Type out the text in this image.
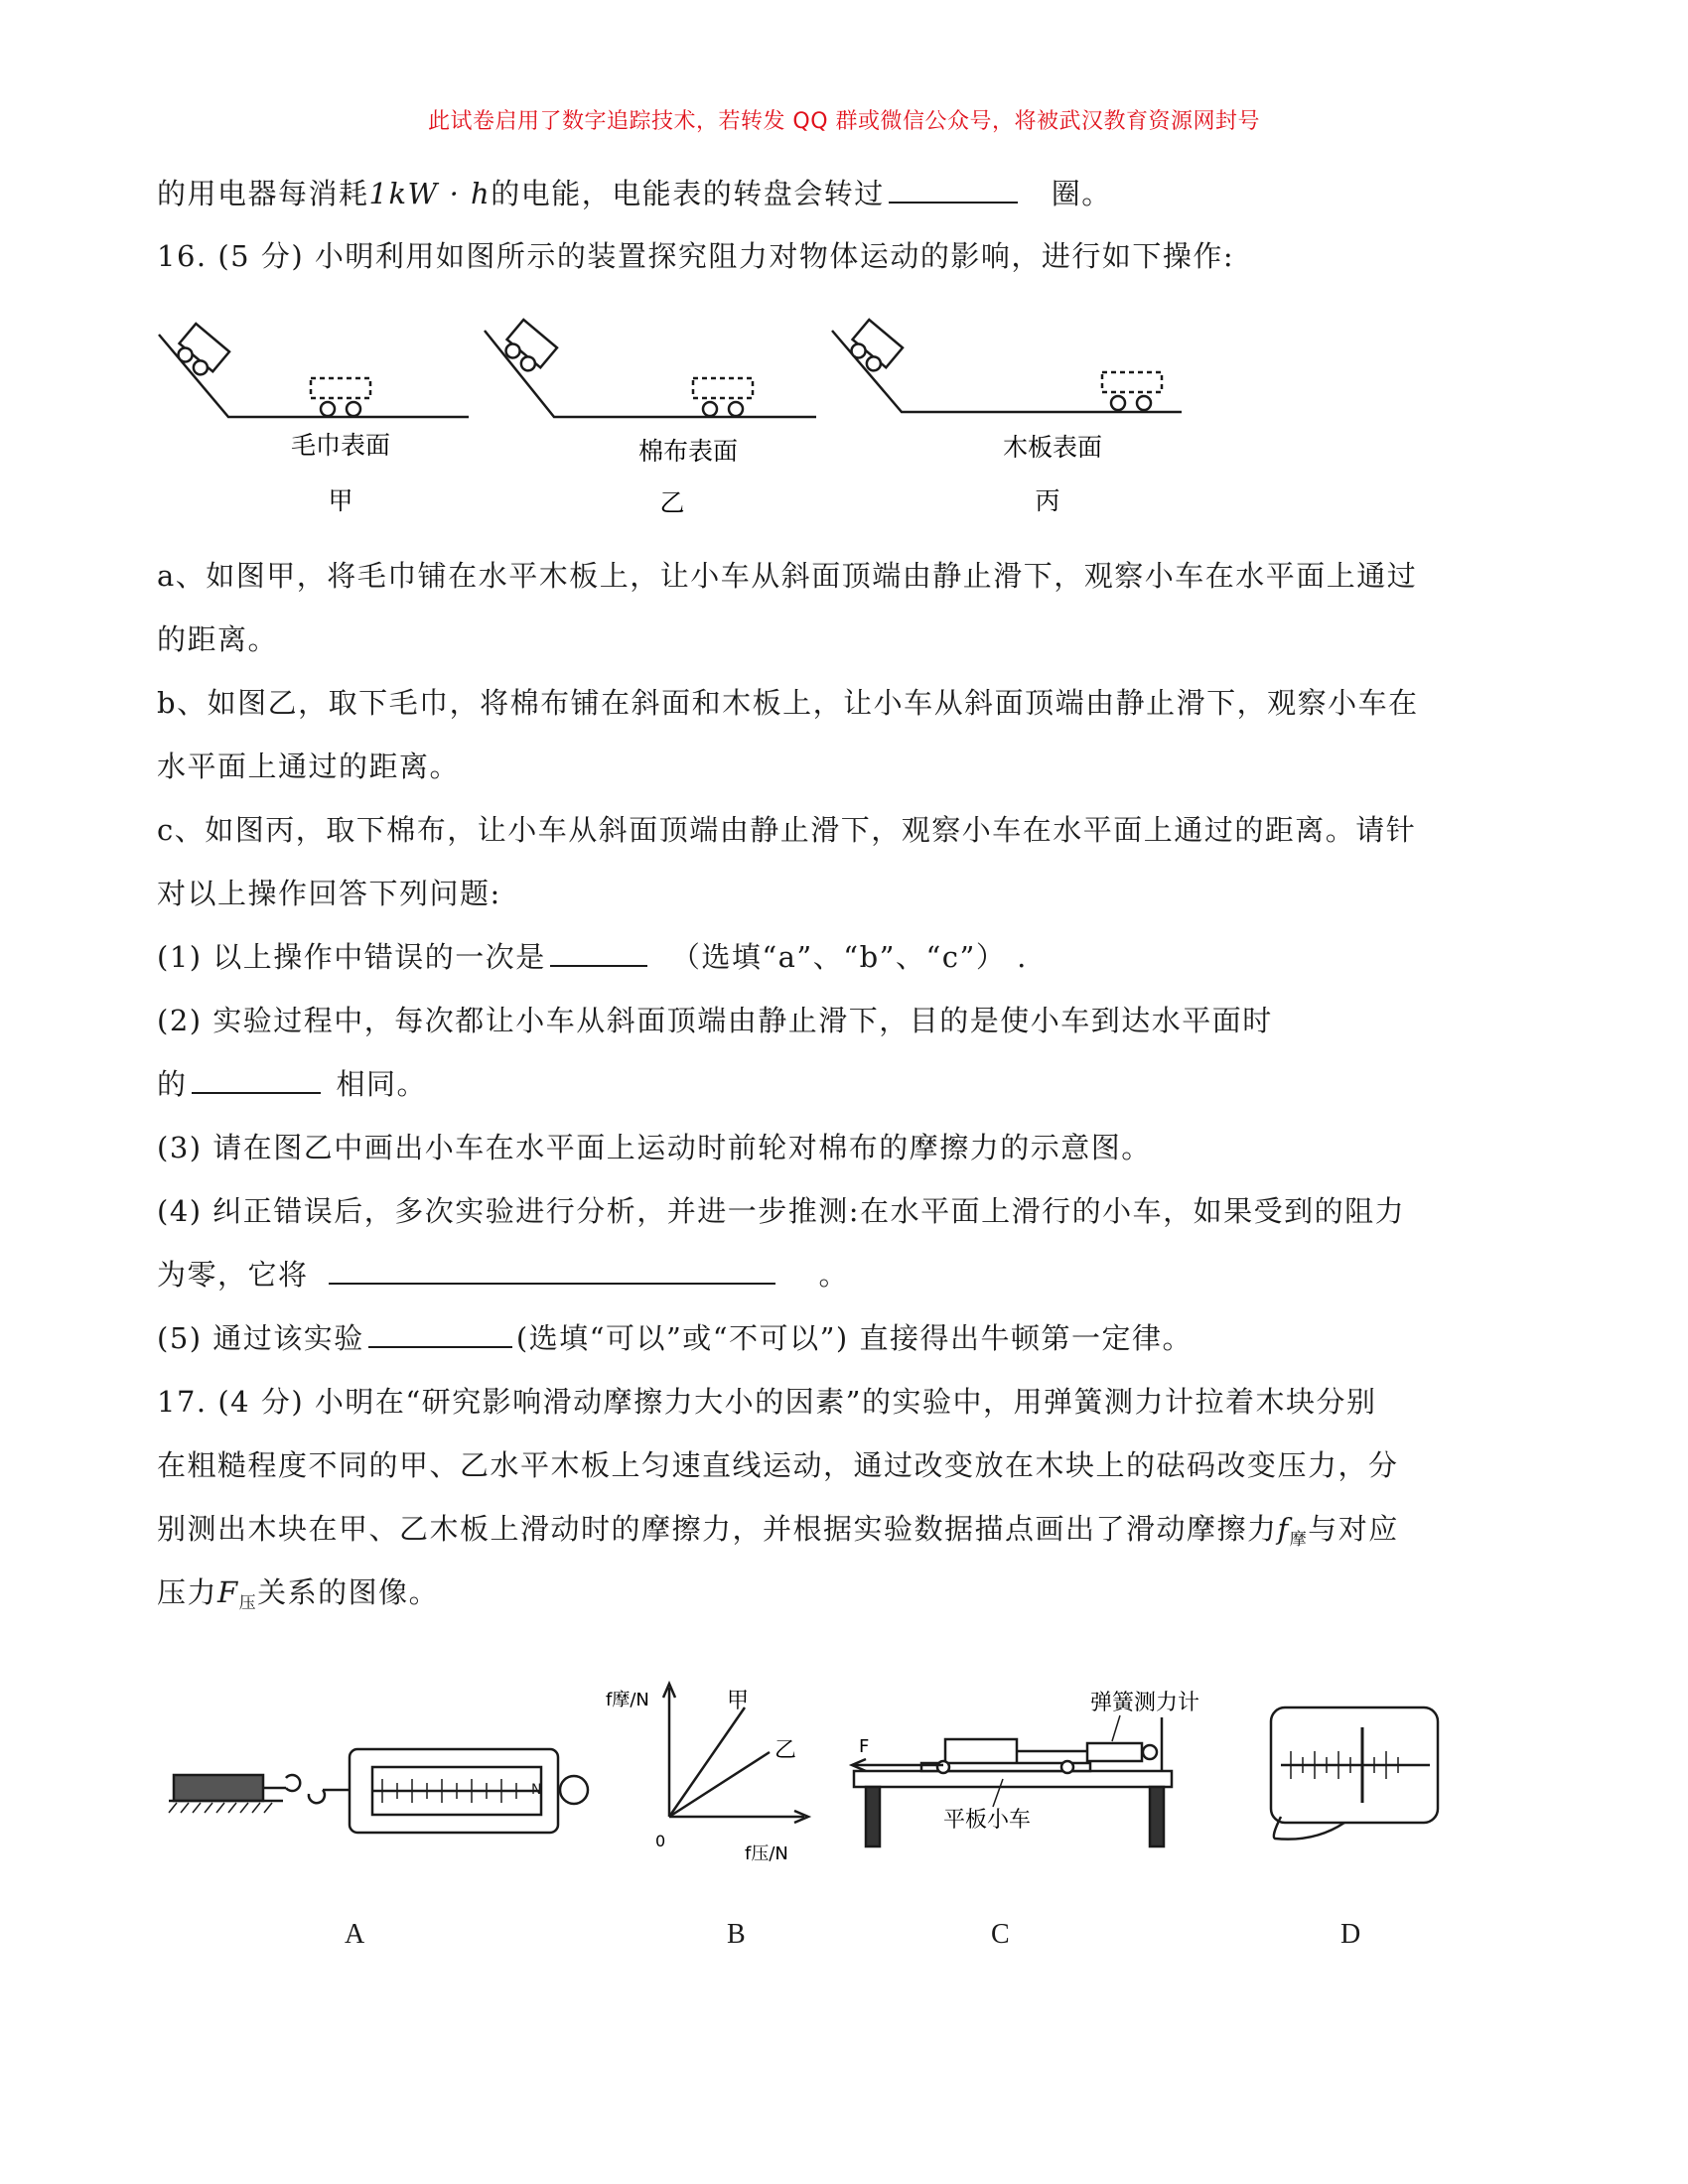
此试卷启用了数字追踪技术，若转发 QQ 群或微信公众号，将被武汉教育资源网封号
的用电器每消耗1kW · h的电能，电能表的转盘会转过	圈。
16. (5 分) 小明利用如图所示的装置探究阻力对物体运动的影响，进行如下操作:
毛巾表面	棉布表面	木板表面
甲	乙	丙
a、如图甲，将毛巾铺在水平木板上，让小车从斜面顶端由静止滑下，观察小车在水平面上通过
的距离。
b、如图乙，取下毛巾，将棉布铺在斜面和木板上，让小车从斜面顶端由静止滑下，观察小车在
水平面上通过的距离。
c、如图丙，取下棉布，让小车从斜面顶端由静止滑下，观察小车在水平面上通过的距离。请针
对以上操作回答下列问题:
(1) 以上操作中错误的一次是	（选填“a”、“b”、“c”） .
(2) 实验过程中，每次都让小车从斜面顶端由静止滑下，目的是使小车到达水平面时
的	相同。
(3) 请在图乙中画出小车在水平面上运动时前轮对棉布的摩擦力的示意图。
(4) 纠正错误后，多次实验进行分析，并进一步推测:在水平面上滑行的小车，如果受到的阻力
为零，它将	。
(5) 通过该实验	(选填“可以”或“不可以”) 直接得出牛顿第一定律。
17. (4 分) 小明在“研究影响滑动摩擦力大小的因素”的实验中，用弹簧测力计拉着木块分别
在粗糙程度不同的甲、乙水平木板上匀速直线运动，通过改变放在木块上的砝码改变压力，分
别测出木块在甲、乙木板上滑动时的摩擦力，并根据实验数据描点画出了滑动摩擦力$f_摩$与对应
压力$F_压$关系的图像。
N
f摩/N
f压/N
0
甲
乙
弹簧测力计
平板小车
F
A	B	C	D
